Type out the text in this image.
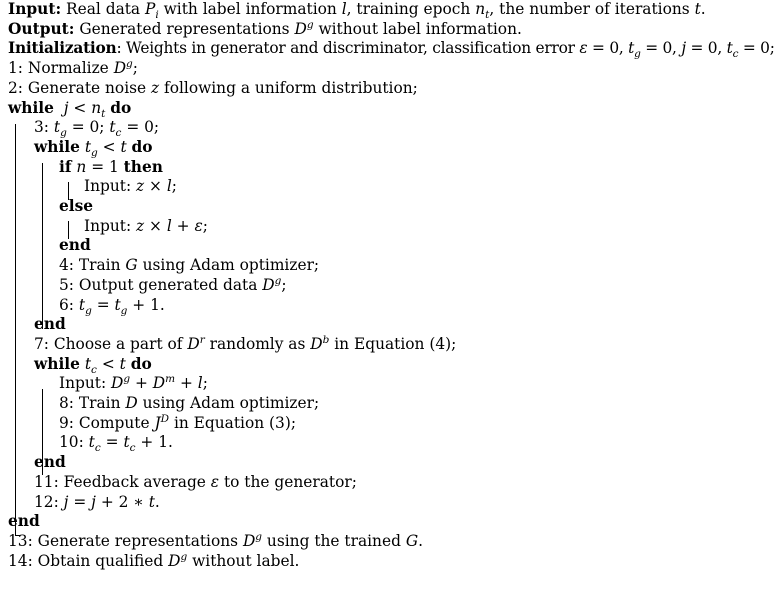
Input: Real data $P_i$ with label information l, training epoch $n_t$, the number of iterations t.
Output: Generated representations $D^g$ without label information.
Initialization: Weights in generator and discriminator, classification error ε = 0, $t_g = 0$, j = 0, $t_c = 0$;
1: Normalize $D^g$;
2: Generate noise z following a uniform distribution;
while $j < n_t$ do
3: $t_g = 0$; $t_c = 0$;
while $t_g < t$ do
if n = 1 then
Input: z × l;
else
Input: z × l + ε;
end
4: Train G using Adam optimizer;
5: Output generated data $D^g$;
6: $t_g = t_g + 1$.
end
7: Choose a part of $D^r$ randomly as $D^b$ in Equation (4);
while $t_c < t$ do
Input: $D^g + D^m + l$;
8: Train D using Adam optimizer;
9: Compute $J^D$ in Equation (3);
10: $t_c = t_c + 1$.
end
11: Feedback average ε to the generator;
12: j = j + 2 ∗ t.
end
13: Generate representations $D^g$ using the trained G.
14: Obtain qualified $D^g$ without label.
